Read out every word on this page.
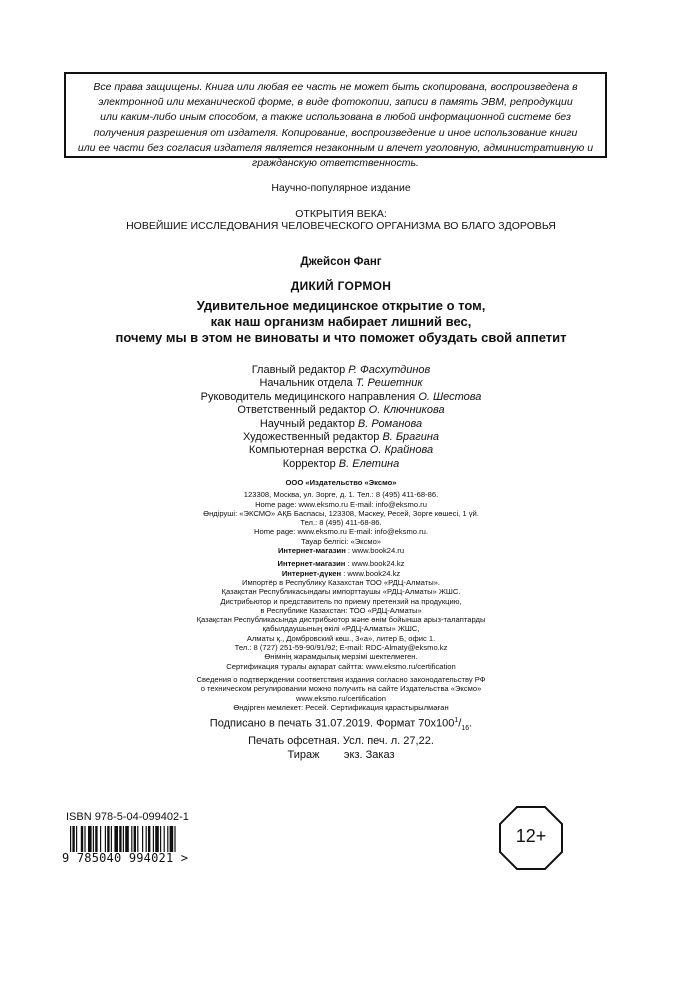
Все права защищены. Книга или любая ее часть не может быть скопирована, воспроизведена в
электронной или механической форме, в виде фотокопии, записи в память ЭВМ, репродукции
или каким-либо иным способом, а также использована в любой информационной системе без
получения разрешения от издателя. Копирование, воспроизведение и иное использование книги
или ее части без согласия издателя является незаконным и влечет уголовную, административную и
гражданскую ответственность.
Научно-популярное издание
ОТКРЫТИЯ ВЕКА:
НОВЕЙШИЕ ИССЛЕДОВАНИЯ ЧЕЛОВЕЧЕСКОГО ОРГАНИЗМА ВО БЛАГО ЗДОРОВЬЯ
Джейсон Фанг
ДИКИЙ ГОРМОН
Удивительное медицинское открытие о том,
как наш организм набирает лишний вес,
почему мы в этом не виноваты и что поможет обуздать свой аппетит
Главный редактор Р. Фасхутдинов
Начальник отдела Т. Решетник
Руководитель медицинского направления О. Шестова
Ответственный редактор О. Ключникова
Научный редактор В. Романова
Художественный редактор В. Брагина
Компьютерная верстка О. Крайнова
Корректор В. Елетина
ООО «Издательство «Эксмо»
123308, Москва, ул. Зорге, д. 1. Тел.: 8 (495) 411-68-86.
Home page: www.eksmo.ru E-mail: info@eksmo.ru
Өндіруші: «ЭКСМО» АҚБ Баспасы, 123308, Мәскеу, Ресей, Зорге көшесі, 1 үй.
Тел.: 8 (495) 411-68-86.
Home page: www.eksmo.ru E-mail: info@eksmo.ru.
Тауар белгісі: «Эксмо»
Интернет-магазин : www.book24.ru
Интернет-магазин : www.book24.kz
Интернет-дүкен : www.book24.kz
Импортёр в Республику Казахстан ТОО «РДЦ-Алматы».
Қазақстан Республикасындағы импорттаушы «РДЦ-Алматы» ЖШС.
Дистрибьютор и представитель по приему претензий на продукцию,
в Республике Казахстан: ТОО «РДЦ-Алматы»
Қазақстан Республикасында дистрибьютор және өнім бойынша арыз-талаптарды
қабылдаушының өкілі «РДЦ-Алматы» ЖШС,
Алматы қ., Домбровский көш., 3«а», литер Б, офис 1.
Тел.: 8 (727) 251-59-90/91/92; E-mail: RDC-Almaty@eksmo.kz
Өнімнің жарамдылық мерзімі шектелмеген.
Сертификация туралы ақпарат сайтта: www.eksmo.ru/certification
Сведения о подтверждении соответствия издания согласно законодательству РФ
о техническом регулировании можно получить на сайте Издательства «Эксмо»
www.eksmo.ru/certification
Өндірген мемлекет: Ресей. Сертификация қарастырылмаған
Подписано в печать 31.07.2019. Формат $70x100^1/_{16}$.
Печать офсетная. Усл. печ. л. 27,22.
Тираж        экз. Заказ
ISBN 978-5-04-099402-1
9 785040 994021 >
12+
